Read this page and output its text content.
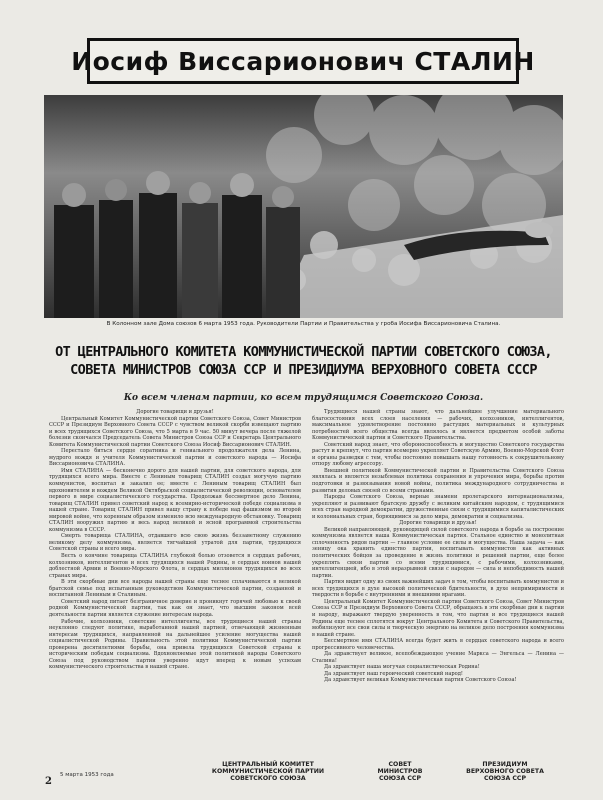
Иосиф Виссарионович СТАЛИН
В Колонном зале Дома союзов 6 марта 1953 года. Руководители Партии и Правительства у гроба Иосифа Виссарионовича Сталина.
ОТ ЦЕНТРАЛЬНОГО КОМИТЕТА КОММУНИСТИЧЕСКОЙ ПАРТИИ СОВЕТСКОГО СОЮЗА,
СОВЕТА МИНИСТРОВ СОЮЗА ССР И ПРЕЗИДИУМА ВЕРХОВНОГО СОВЕТА СССР
Ко всем членам партии, ко всем трудящимся Советского Союза.

Дорогие товарищи и друзья!

Центральный Комитет Коммунистической партии Советского Союза, Совет Министров СССР и Президиум Верховного Совета СССР с чувством великой скорби извещают партию и всех трудящихся Советского Союза, что 5 марта в 9 час. 50 минут вечера после тяжелой болезни скончался Председатель Совета Министров Союза ССР и Секретарь Центрального Комитета Коммунистической партии Советского Союза Иосиф Виссарионович СТАЛИН.

Перестало биться сердце соратника и гениального продолжателя дела Ленина, мудрого вождя и учителя Коммунистической партии и советского народа — Иосифа Виссарионовича СТАЛИНА.

Имя СТАЛИНА — бесконечно дорого для нашей партии, для советского народа, для трудящихся всего мира. Вместе с Лениным товарищ СТАЛИН создал могучую партию коммунистов, воспитал и закалил ее; вместе с Лениным товарищ СТАЛИН был вдохновителем и вождем Великой Октябрьской социалистической революции, основателем первого в мире социалистического государства. Продолжая бессмертное дело Ленина, товарищ СТАЛИН привел советский народ к всемирно-исторической победе социализма в нашей стране. Товарищ СТАЛИН привел нашу страну к победе над фашизмом во второй мировой войне, что коренным образом изменило всю международную обстановку. Товарищ СТАЛИН вооружил партию и весь народ великой и ясной программой строительства коммунизма в СССР.

Смерть товарища СТАЛИНА, отдавшего всю свою жизнь беззаветному служению великому делу коммунизма, является тягчайшей утратой для партии, трудящихся Советской страны и всего мира.

Весть о кончине товарища СТАЛИНА глубокой болью отзовется в сердцах рабочих, колхозников, интеллигентов и всех трудящихся нашей Родины, в сердцах воинов нашей доблестной Армии и Военно-Морского Флота, в сердцах миллионов трудящихся во всех странах мира.

В эти скорбные дни все народы нашей страны еще теснее сплачиваются в великой братской семье под испытанным руководством Коммунистической партии, созданной и воспитанной Лениным и Сталиным.

Советский народ питает безграничное доверие и проникнут горячей любовью к своей родной Коммунистической партии, так как он знает, что высшим законом всей деятельности партии является служение интересам народа.

Рабочие, колхозники, советские интеллигенты, все трудящиеся нашей страны неуклонно следуют политике, выработанной нашей партией, отвечающей жизненным интересам трудящихся, направленной на дальнейшее усиление могущества нашей социалистической Родины. Правильность этой политики Коммунистической партии проверена десятилетиями борьбы, она привела трудящихся Советской страны к историческим победам социализма. Вдохновляемые этой политикой народы Советского Союза под руководством партии уверенно идут вперед к новым успехам коммунистического строительства в нашей стране.

Трудящиеся нашей страны знают, что дальнейшее улучшение материального благосостояния всех слоев населения — рабочих, колхозников, интеллигентов, максимальное удовлетворение постоянно растущих материальных и культурных потребностей всего общества всегда являлось и является предметом особой заботы Коммунистической партии и Советского Правительства.

Советский народ знает, что обороноспособность и могущество Советского государства растут и крепнут, что партия всемерно укрепляет Советскую Армию, Военно-Морской Флот и органы разведки с тем, чтобы постоянно повышать нашу готовность к сокрушительному отпору любому агрессору.

Внешней политикой Коммунистической партии и Правительства Советского Союза являлась и является незыблемая политика сохранения и упрочения мира, борьбы против подготовки и развязывания новой войны, политика международного сотрудничества и развития деловых связей со всеми странами.

Народы Советского Союза, верные знамени пролетарского интернационализма, укрепляют и развивают братскую дружбу с великим китайским народом, с трудящимися всех стран народной демократии, дружественные связи с трудящимися капиталистических и колониальных стран, борющимися за дело мира, демократии и социализма.

Дорогие товарищи и друзья!

Великой направляющей, руководящей силой советского народа в борьбе за построение коммунизма является наша Коммунистическая партия. Стальное единство и монолитная сплоченность рядов партии — главное условие ее силы и могущества. Наша задача — как зеницу ока хранить единство партии, воспитывать коммунистов как активных политических бойцов за проведение в жизнь политики и решений партии, еще более укреплять связи партии со всеми трудящимися, с рабочими, колхозниками, интеллигенцией, ибо в этой неразрывной связи с народом — сила и непобедимость нашей партии.

Партия видит одну из своих важнейших задач в том, чтобы воспитывать коммунистов и всех трудящихся в духе высокой политической бдительности, в духе непримиримости и твердости в борьбе с внутренними и внешними врагами.

Центральный Комитет Коммунистической партии Советского Союза, Совет Министров Союза ССР и Президиум Верховного Совета СССР, обращаясь в эти скорбные дни к партии и народу, выражают твердую уверенность в том, что партия и все трудящиеся нашей Родины еще теснее сплотятся вокруг Центрального Комитета и Советского Правительства, мобилизуют все свои силы и творческую энергию на великое дело построения коммунизма в нашей стране.

Бессмертное имя СТАЛИНА всегда будет жить в сердцах советского народа и всего прогрессивного человечества.

Да здравствует великое, всепобеждающее учение Маркса — Энгельса — Ленина — Сталина!

Да здравствует наша могучая социалистическая Родина!

Да здравствует наш героический советский народ!

Да здравствует великая Коммунистическая партия Советского Союза!

2
5 марта 1953 года
ЦЕНТРАЛЬНЫЙ КОМИТЕТ
КОММУНИСТИЧЕСКОЙ ПАРТИИ
СОВЕТСКОГО СОЮЗА
СОВЕТ
МИНИСТРОВ
СОЮЗА ССР
ПРЕЗИДИУМ
ВЕРХОВНОГО СОВЕТА
СОЮЗА ССР
